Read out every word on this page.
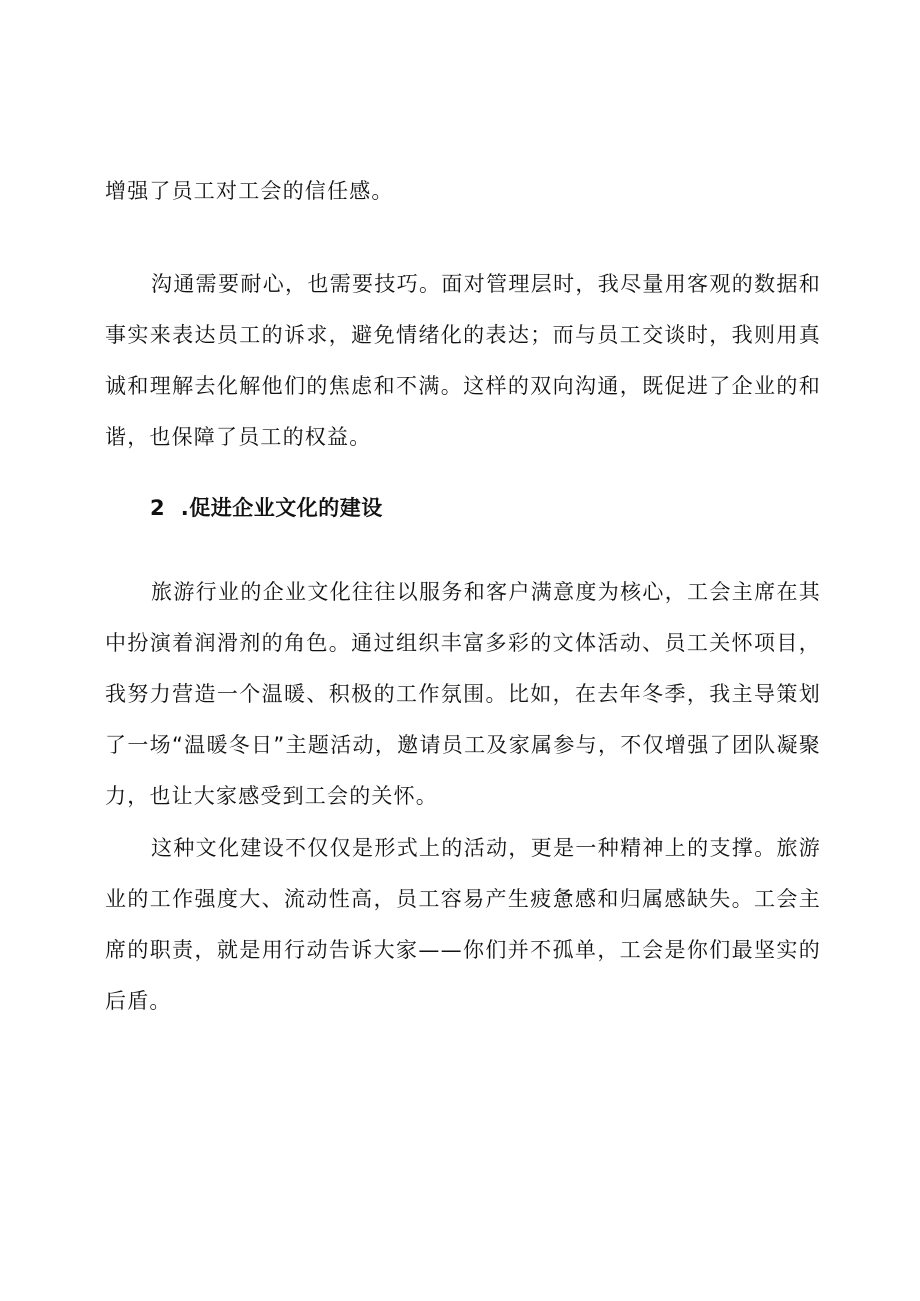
增强了员工对工会的信任感。

沟通需要耐心，也需要技巧。面对管理层时，我尽量用客观的数据和事实来表达员工的诉求，避免情绪化的表达；而与员工交谈时，我则用真诚和理解去化解他们的焦虑和不满。这样的双向沟通，既促进了企业的和谐，也保障了员工的权益。

2 .促进企业文化的建设

旅游行业的企业文化往往以服务和客户满意度为核心，工会主席在其中扮演着润滑剂的角色。通过组织丰富多彩的文体活动、员工关怀项目，我努力营造一个温暖、积极的工作氛围。比如，在去年冬季，我主导策划了一场“温暖冬日”主题活动，邀请员工及家属参与，不仅增强了团队凝聚力，也让大家感受到工会的关怀。

这种文化建设不仅仅是形式上的活动，更是一种精神上的支撑。旅游业的工作强度大、流动性高，员工容易产生疲惫感和归属感缺失。工会主席的职责，就是用行动告诉大家——你们并不孤单，工会是你们最坚实的后盾。
